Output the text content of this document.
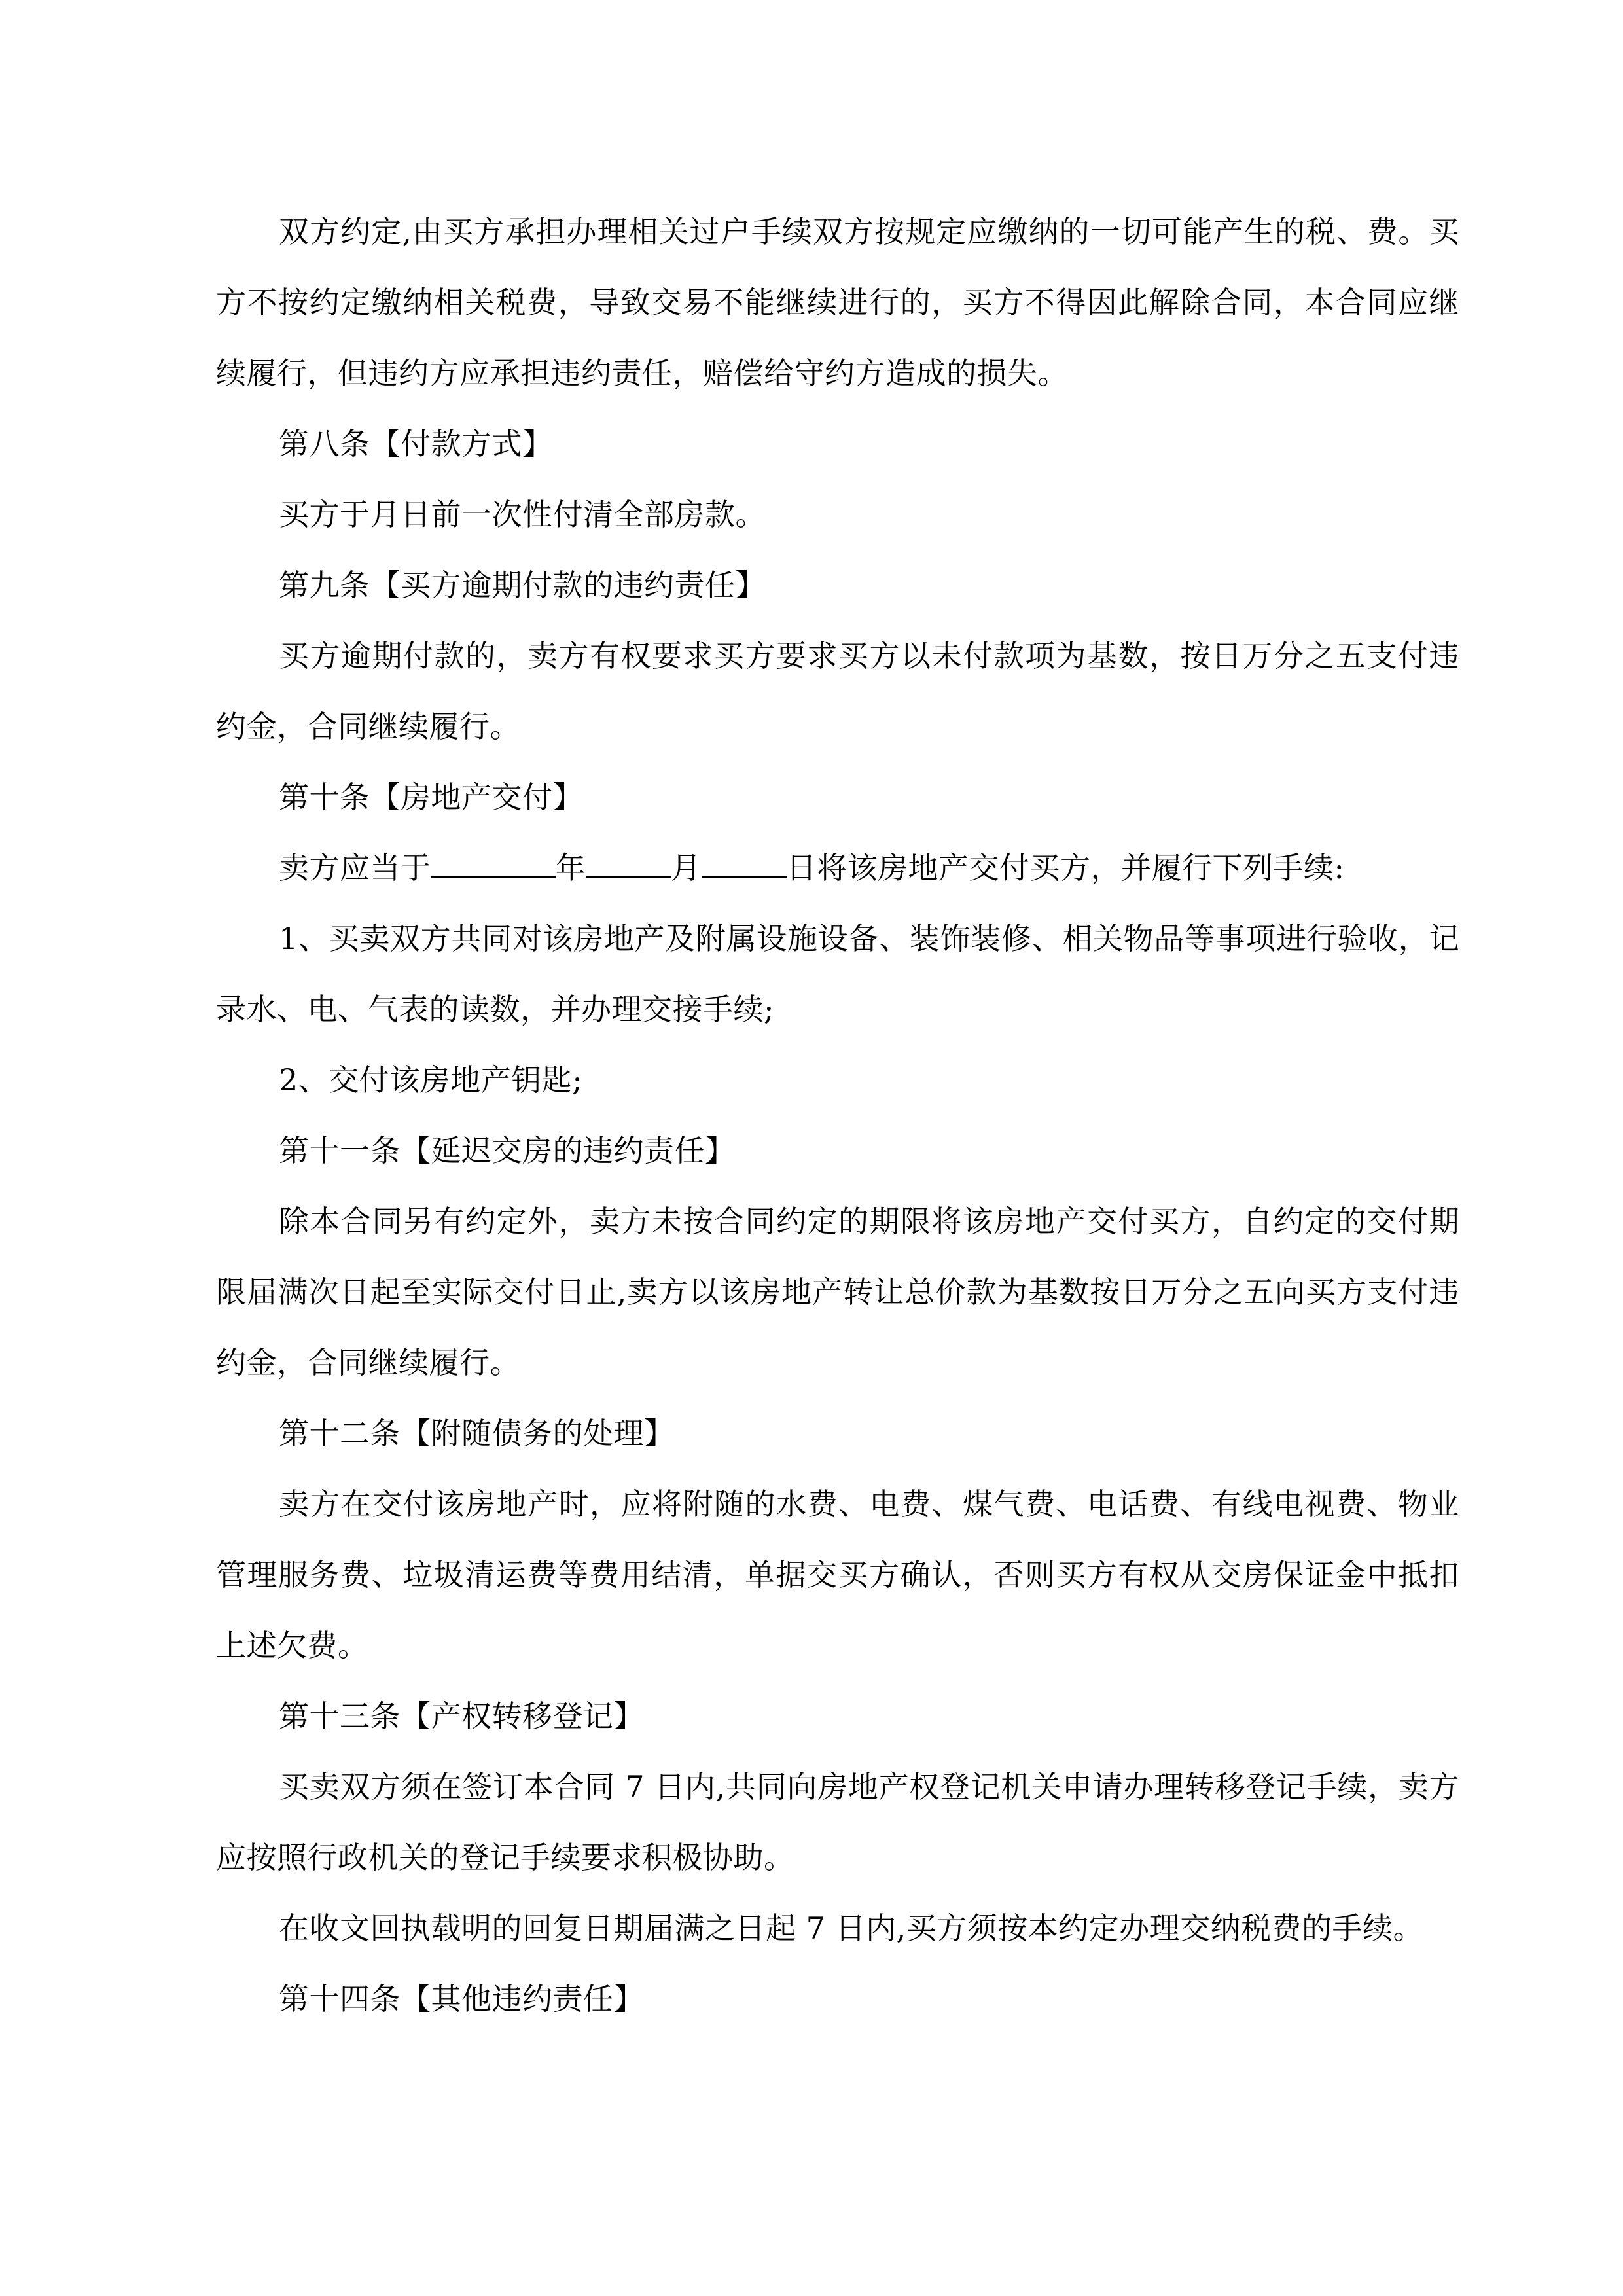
双方约定,由买方承担办理相关过户手续双方按规定应缴纳的一切可能产生的税、费。买方不按约定缴纳相关税费，导致交易不能继续进行的，买方不得因此解除合同，本合同应继续履行，但违约方应承担违约责任，赔偿给守约方造成的损失。

第八条【付款方式】

买方于月日前一次性付清全部房款。

第九条【买方逾期付款的违约责任】

买方逾期付款的，卖方有权要求买方要求买方以未付款项为基数，按日万分之五支付违约金，合同继续履行。

第十条【房地产交付】

卖方应当于	年	月	日将该房地产交付买方，并履行下列手续:

1、买卖双方共同对该房地产及附属设施设备、装饰装修、相关物品等事项进行验收，记录水、电、气表的读数，并办理交接手续;

2、交付该房地产钥匙;

第十一条【延迟交房的违约责任】

除本合同另有约定外，卖方未按合同约定的期限将该房地产交付买方，自约定的交付期限届满次日起至实际交付日止,卖方以该房地产转让总价款为基数按日万分之五向买方支付违约金，合同继续履行。

第十二条【附随债务的处理】

卖方在交付该房地产时，应将附随的水费、电费、煤气费、电话费、有线电视费、物业管理服务费、垃圾清运费等费用结清，单据交买方确认，否则买方有权从交房保证金中抵扣上述欠费。

第十三条【产权转移登记】

买卖双方须在签订本合同 7 日内,共同向房地产权登记机关申请办理转移登记手续，卖方应按照行政机关的登记手续要求积极协助。

在收文回执载明的回复日期届满之日起 7 日内,买方须按本约定办理交纳税费的手续。

第十四条【其他违约责任】
